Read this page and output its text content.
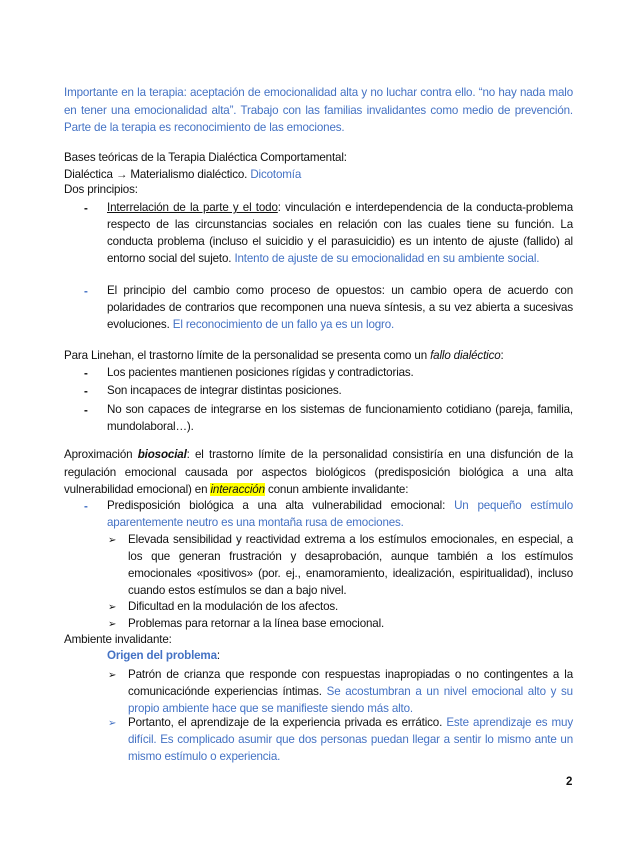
Importante en la terapia: aceptación de emocionalidad alta y no luchar contra ello. “no hay nada malo en tener una emocionalidad alta”. Trabajo con las familias invalidantes como medio de prevención. Parte de la terapia es reconocimiento de las emociones.
Bases teóricas de la Terapia Dialéctica Comportamental:
Dialéctica → Materialismo dialéctico. Dicotomía
Dos principios:
- Interrelación de la parte y el todo: vinculación e interdependencia de la conducta-problema respecto de las circunstancias sociales en relación con las cuales tiene su función. La conducta problema (incluso el suicidio y el parasuicidio) es un intento de ajuste (fallido) al entorno social del sujeto. Intento de ajuste de su emocionalidad en su ambiente social.
- El principio del cambio como proceso de opuestos: un cambio opera de acuerdo con polaridades de contrarios que recomponen una nueva síntesis, a su vez abierta a sucesivas evoluciones. El reconocimiento de un fallo ya es un logro.
Para Linehan, el trastorno límite de la personalidad se presenta como un fallo dialéctico:
- Los pacientes mantienen posiciones rígidas y contradictorias.
- Son incapaces de integrar distintas posiciones.
- No son capaces de integrarse en los sistemas de funcionamiento cotidiano (pareja, familia, mundolaboral…).
Aproximación biosocial: el trastorno límite de la personalidad consistiría en una disfunción de la regulación emocional causada por aspectos biológicos (predisposición biológica a una alta vulnerabilidad emocional) en interacción conun ambiente invalidante:
- Predisposición biológica a una alta vulnerabilidad emocional: Un pequeño estímulo aparentemente neutro es una montaña rusa de emociones.
➢ Elevada sensibilidad y reactividad extrema a los estímulos emocionales, en especial, a los que generan frustración y desaprobación, aunque también a los estímulos emocionales «positivos» (por. ej., enamoramiento, idealización, espiritualidad), incluso cuando estos estímulos se dan a bajo nivel.
➢ Dificultad en la modulación de los afectos.
➢ Problemas para retornar a la línea base emocional.
Ambiente invalidante:
Origen del problema:
➢ Patrón de crianza que responde con respuestas inapropiadas o no contingentes a la comunicaciónde experiencias íntimas. Se acostumbran a un nivel emocional alto y su propio ambiente hace que se manifieste siendo más alto.
➢ Portanto, el aprendizaje de la experiencia privada es errático. Este aprendizaje es muy difícil. Es complicado asumir que dos personas puedan llegar a sentir lo mismo ante un mismo estímulo o experiencia.
2
